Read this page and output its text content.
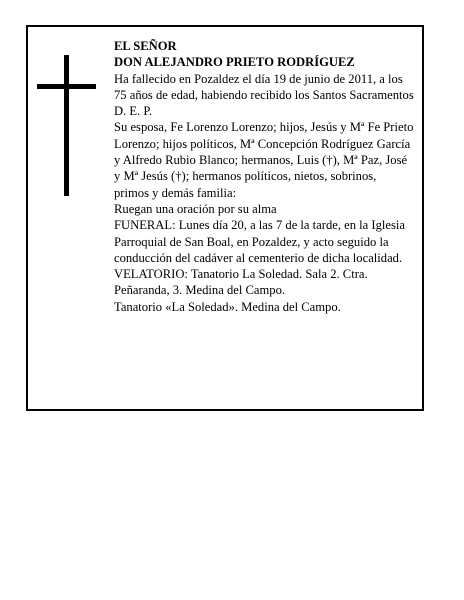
EL SEÑOR

DON ALEJANDRO PRIETO RODRÍGUEZ

Ha fallecido en Pozaldez el día 19 de junio de 2011, a los 75 años de edad, habiendo recibido los Santos Sacramentos

D. E. P.

Su esposa, Fe Lorenzo Lorenzo; hijos, Jesús y Mª Fe Prieto Lorenzo; hijos políticos, Mª Concepción Rodríguez García y Alfredo Rubio Blanco; hermanos, Luis (†), Mª Paz, José y Mª Jesús (†); hermanos políticos, nietos, sobrinos, primos y demás familia:

Ruegan una oración por su alma

FUNERAL: Lunes día 20, a las 7 de la tarde, en la Iglesia Parroquial de San Boal, en Pozaldez, y acto seguido la conducción del cadáver al cementerio de dicha localidad.

VELATORIO: Tanatorio La Soledad. Sala 2. Ctra. Peñaranda, 3. Medina del Campo.

Tanatorio «La Soledad». Medina del Campo.
